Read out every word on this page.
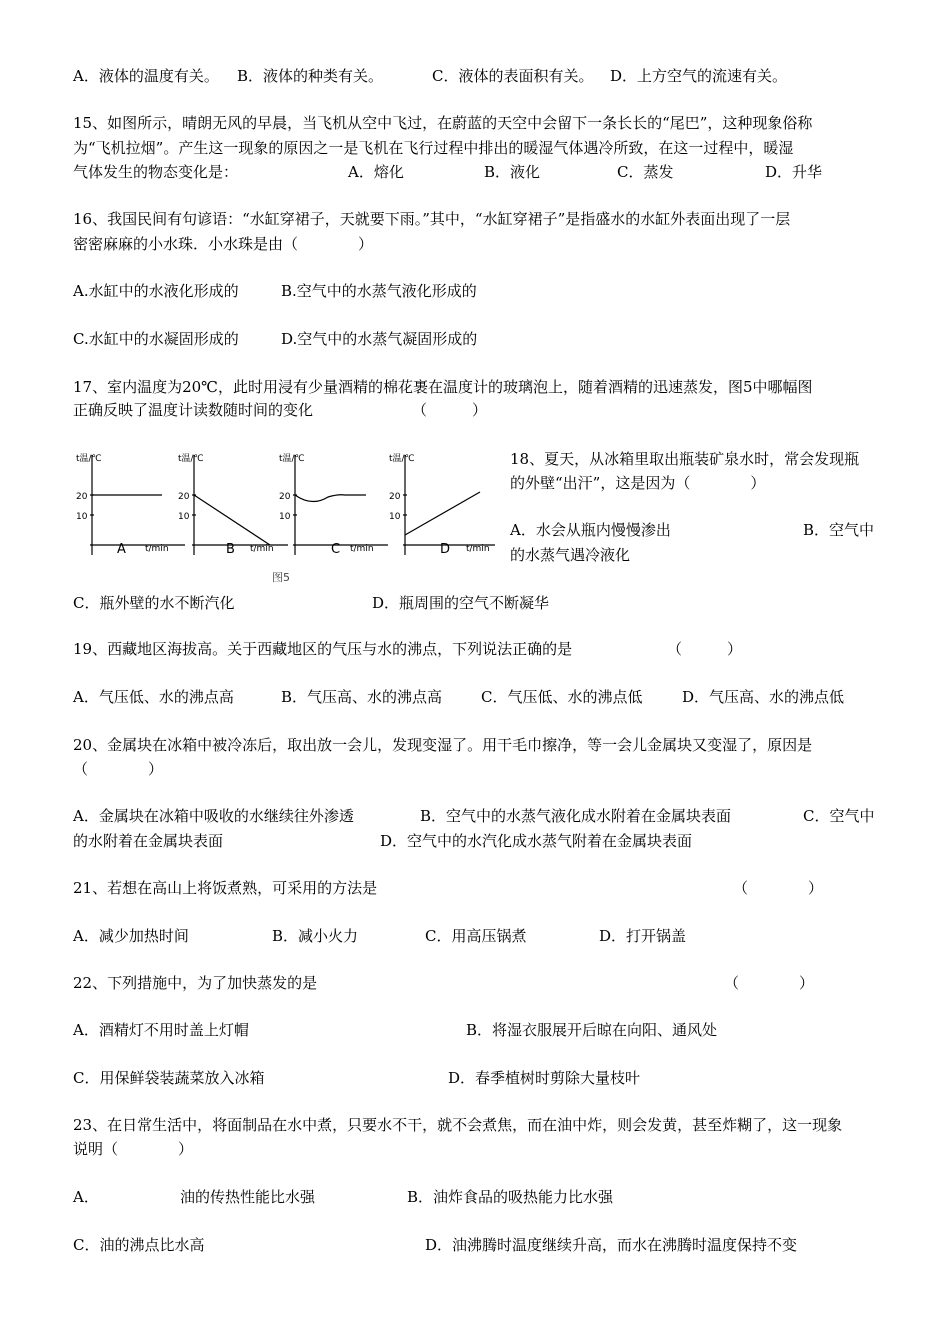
A．液体的温度有关。 B．液体的种类有关。	C．液体的表面积有关。 D．上方空气的流速有关。
15、如图所示，晴朗无风的早晨，当飞机从空中飞过，在蔚蓝的天空中会留下一条长长的“尾巴”，这种现象俗称
为“飞机拉烟”。产生这一现象的原因之一是飞机在飞行过程中排出的暖湿气体遇冷所致，在这一过程中，暖湿
气体发生的物态变化是：	A．熔化	B．液化	C．蒸发	D．升华
16、我国民间有句谚语：“水缸穿裙子，天就要下雨。”其中，“水缸穿裙子”是指盛水的水缸外表面出现了一层
密密麻麻的小水珠．小水珠是由（　　　　）
A.水缸中的水液化形成的	B.空气中的水蒸气液化形成的
C.水缸中的水凝固形成的	D.空气中的水蒸气凝固形成的
17、室内温度为20℃，此时用浸有少量酒精的棉花裹在温度计的玻璃泡上，随着酒精的迅速蒸发，图5中哪幅图
正确反映了温度计读数随时间的变化	（　　　）
t温/℃	t温/℃	t温/℃	t温/℃
20
10
20
10
20
10
20
10
t/min	t/min	t/min	t/min
A	B	C	D
图5
18、夏天，从冰箱里取出瓶装矿泉水时，常会发现瓶
的外壁“出汗”，这是因为（　　　　）
A．水会从瓶内慢慢渗出	B．空气中
的水蒸气遇冷液化
C．瓶外壁的水不断汽化	D．瓶周围的空气不断凝华
19、西藏地区海拔高。关于西藏地区的气压与水的沸点，下列说法正确的是	（　　　）
A．气压低、水的沸点高	B．气压高、水的沸点高	C．气压低、水的沸点低	D．气压高、水的沸点低
20、金属块在冰箱中被冷冻后，取出放一会儿，发现变湿了。用干毛巾擦净，等一会儿金属块又变湿了，原因是
（　　　　）
A．金属块在冰箱中吸收的水继续往外渗透	B．空气中的水蒸气液化成水附着在金属块表面	C．空气中
的水附着在金属块表面	D．空气中的水汽化成水蒸气附着在金属块表面
21、若想在高山上将饭煮熟，可采用的方法是	（　　　　）
A．减少加热时间	B．减小火力	C．用高压锅煮	D．打开锅盖
22、下列措施中，为了加快蒸发的是	（　　　　）
A．酒精灯不用时盖上灯帽	B．将湿衣服展开后晾在向阳、通风处
C．用保鲜袋装蔬菜放入冰箱	D．春季植树时剪除大量枝叶
23、在日常生活中，将面制品在水中煮，只要水不干，就不会煮焦，而在油中炸，则会发黄，甚至炸糊了，这一现象
说明（　　　　）
A．	油的传热性能比水强	B．油炸食品的吸热能力比水强
C．油的沸点比水高	D．油沸腾时温度继续升高，而水在沸腾时温度保持不变
